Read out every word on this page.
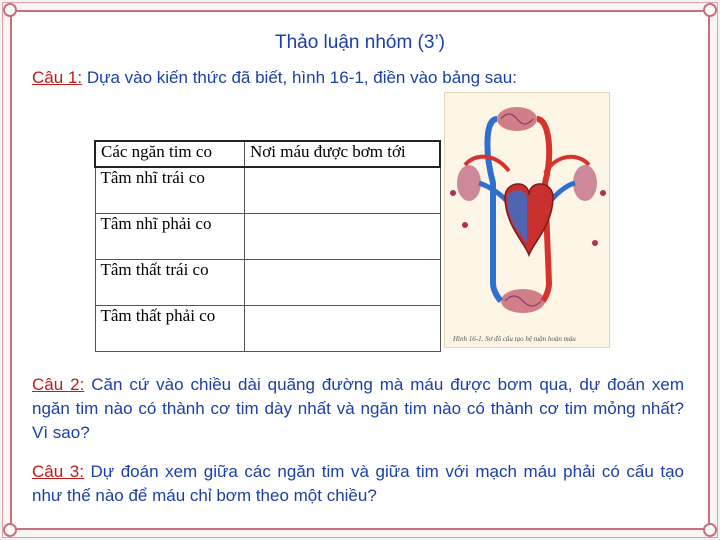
Thảo luận nhóm (3’)
Câu 1: Dựa vào kiến thức đã biết, hình 16-1, điền vào bảng sau:
Các ngăn tim co	Nơi máu được bơm tới
Tâm nhĩ trái co	
Tâm nhĩ phải co	
Tâm thất trái co	
Tâm thất phải co	
Hình 16-1. Sơ đồ cấu tạo hệ tuần hoàn máu
Câu 2: Căn cứ vào chiều dài quãng đường mà máu được bơm qua, dự đoán xem ngăn tim nào có thành cơ tim dày nhất và ngăn tim nào có thành cơ tim mỏng nhất? Vì sao?
Câu 3: Dự đoán xem giữa các ngăn tim và giữa tim với mạch máu phải có cấu tạo như thế nào để máu chỉ bơm theo một chiều?
